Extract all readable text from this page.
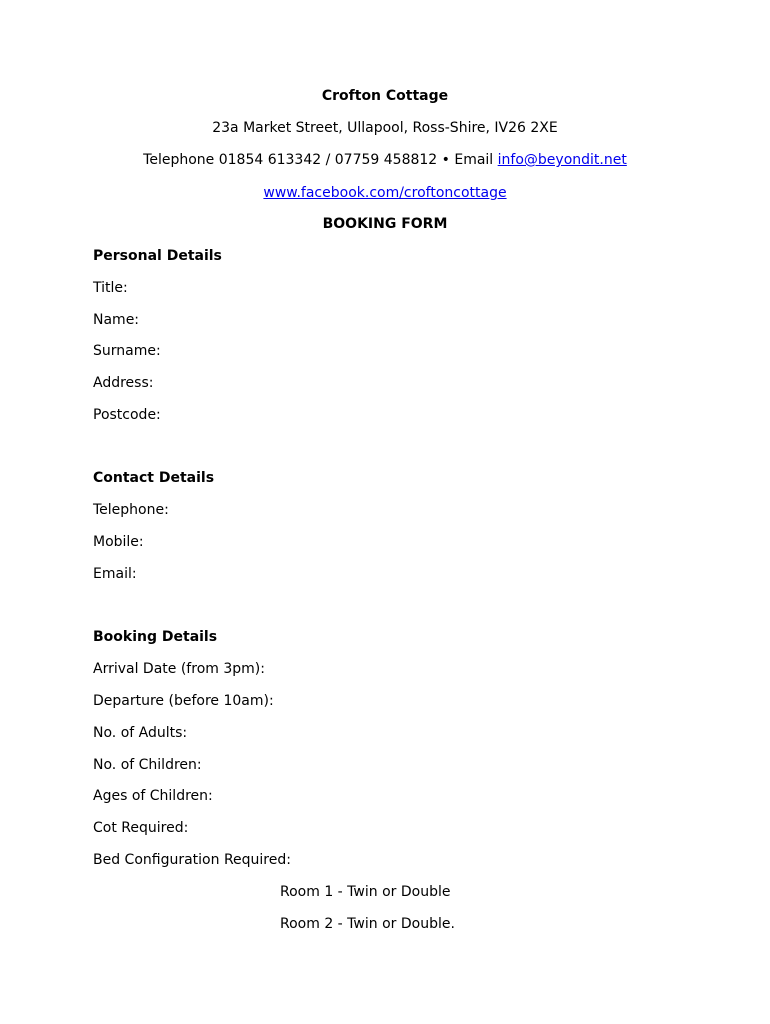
Crofton Cottage
23a Market Street, Ullapool, Ross-Shire, IV26 2XE
Telephone 01854 613342 / 07759 458812 • Email info@beyondit.net
www.facebook.com/croftoncottage
BOOKING FORM
Personal Details
Title:
Name:
Surname:
Address:
Postcode:
Contact Details
Telephone:
Mobile:
Email:
Booking Details
Arrival Date (from 3pm):
Departure (before 10am):
No. of Adults:
No. of Children:
Ages of Children:
Cot Required:
Bed Configuration Required:
Room 1 - Twin or Double
Room 2 - Twin or Double.
